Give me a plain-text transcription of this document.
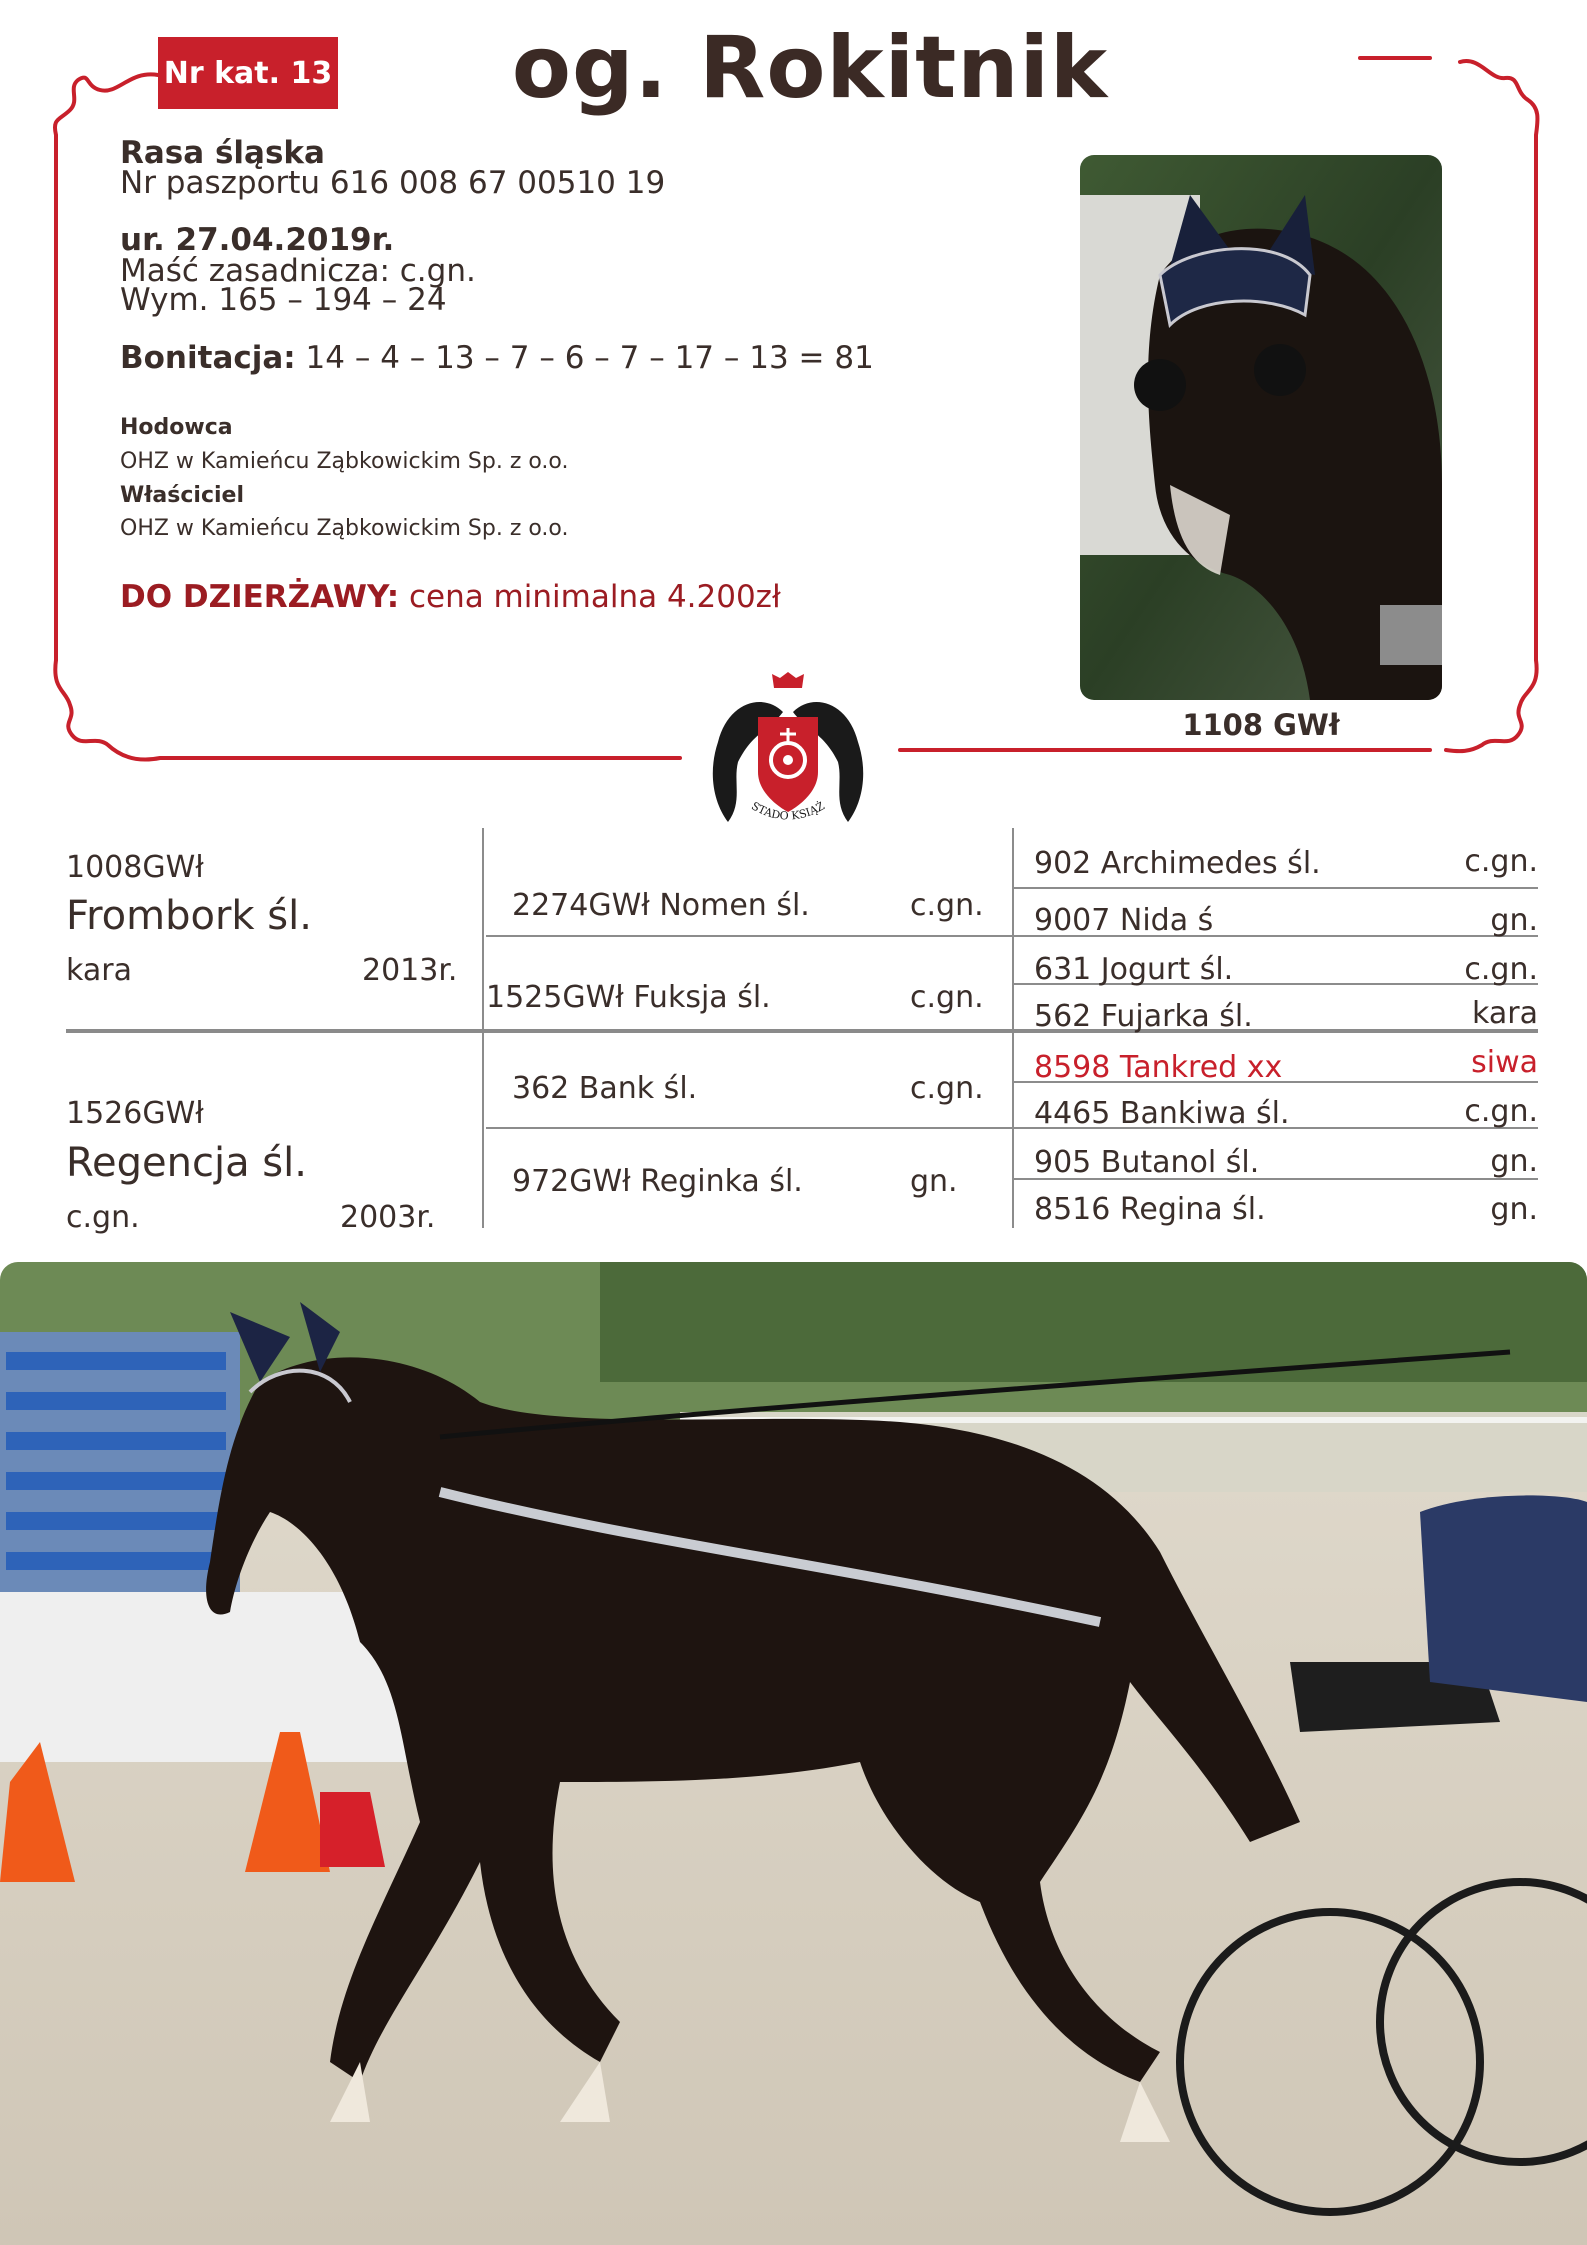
Nr kat. 13	og. Rokitnik
Rasa śląska
Nr paszportu 616 008 67 00510 19
ur. 27.04.2019r.
Maść zasadnicza: c.gn.
Wym. 165 – 194 – 24
Bonitacja: 14 – 4 – 13 – 7 – 6 – 7 – 17 – 13 = 81
Hodowca
OHZ w Kamieńcu Ząbkowickim Sp. z o.o.
Właściciel
OHZ w Kamieńcu Ząbkowickim Sp. z o.o.
DO DZIERŻAWY: cena minimalna 4.200zł
1108 GWł
STADO KSIĄŻ
1008GWł
Frombork śl.
kara	2013r.
1526GWł
Regencja śl.
c.gn.	2003r.
2274GWł Nomen śl.	c.gn.
1525GWł Fuksja śl.	c.gn.
362 Bank śl.	c.gn.
972GWł Reginka śl.	gn.
902 Archimedes śl.	c.gn.
9007 Nida ś	gn.
631 Jogurt śl.	c.gn.
562 Fujarka śl.	kara
8598 Tankred xx	siwa
4465 Bankiwa śl.	c.gn.
905 Butanol śl.	gn.
8516 Regina śl.	gn.
